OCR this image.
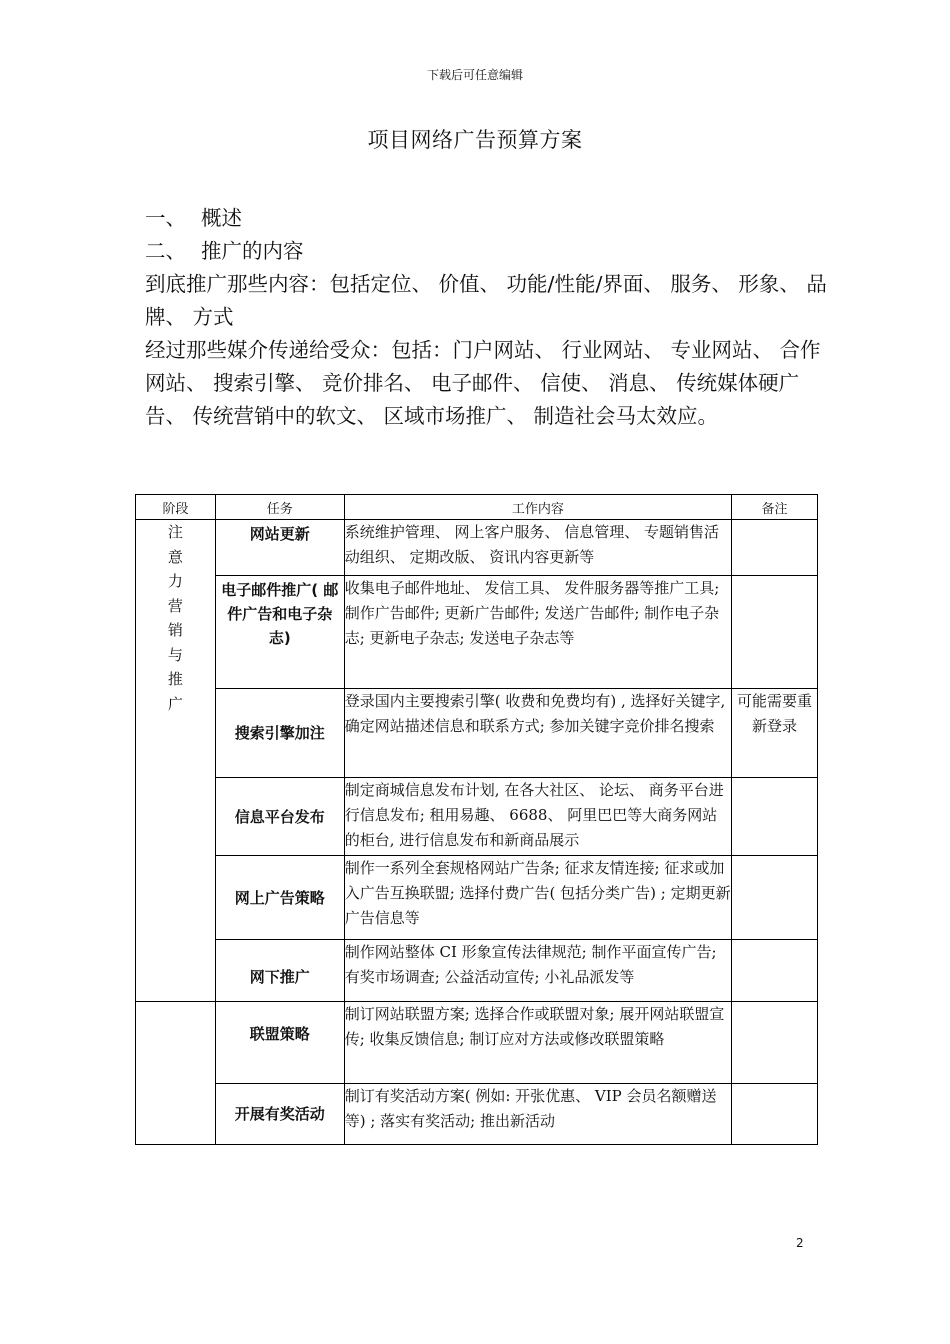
下载后可任意编辑
项目网络广告预算方案
一、 概述
二、 推广的内容

到底推广那些内容：包括定位、 价值、 功能/性能/界面、 服务、 形象、 品牌、 方式

经过那些媒介传递给受众：包括：门户网站、 行业网站、 专业网站、 合作网站、 搜索引擎、 竞价排名、 电子邮件、 信使、 消息、 传统媒体硬广告、 传统营销中的软文、 区域市场推广、 制造社会马太效应。

阶段	任务	工作内容	备注
注意力营销与推广	网站更新	系统维护管理、 网上客户服务、 信息管理、 专题销售活动组织、 定期改版、 资讯内容更新等	
	电子邮件推广( 邮件广告和电子杂志)	收集电子邮件地址、 发信工具、 发件服务器等推广工具; 制作广告邮件; 更新广告邮件; 发送广告邮件; 制作电子杂志; 更新电子杂志; 发送电子杂志等	
	搜索引擎加注	登录国内主要搜索引擎( 收费和免费均有) , 选择好关键字, 确定网站描述信息和联系方式; 参加关键字竞价排名搜索	可能需要重新登录
	信息平台发布	制定商城信息发布计划, 在各大社区、 论坛、 商务平台进行信息发布; 租用易趣、 6688、 阿里巴巴等大商务网站的柜台, 进行信息发布和新商品展示	
	网上广告策略	制作一系列全套规格网站广告条; 征求友情连接; 征求或加入广告互换联盟; 选择付费广告( 包括分类广告) ; 定期更新广告信息等	
	网下推广	制作网站整体 CI 形象宣传法律规范; 制作平面宣传广告; 有奖市场调查; 公益活动宣传; 小礼品派发等	
	联盟策略	制订网站联盟方案; 选择合作或联盟对象; 展开网站联盟宣传; 收集反馈信息; 制订应对方法或修改联盟策略	
	开展有奖活动	制订有奖活动方案( 例如: 开张优惠、 VIP 会员名额赠送等) ; 落实有奖活动; 推出新活动	
2
